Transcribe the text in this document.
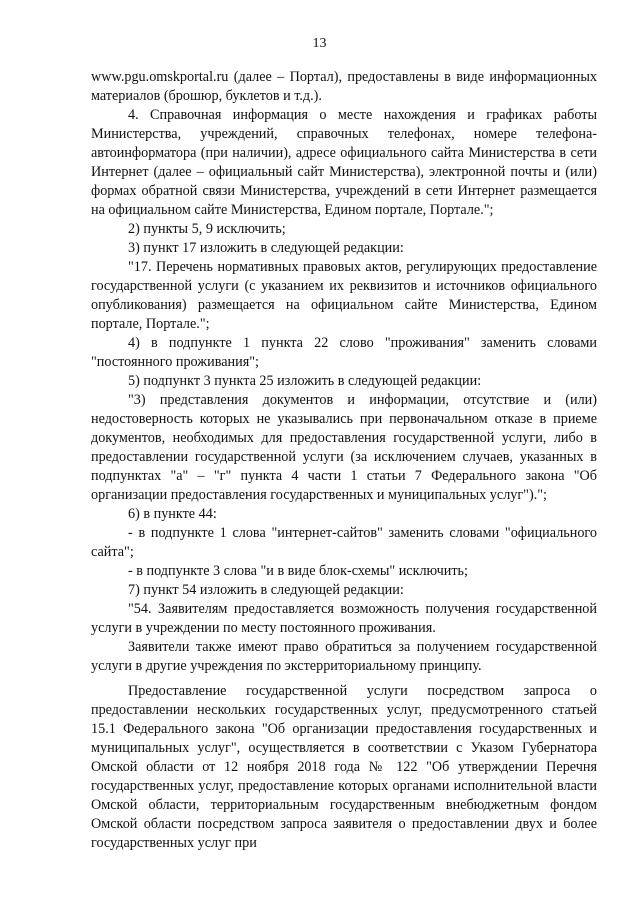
13

www.pgu.omskportal.ru (далее – Портал), предоставлены в виде информационных материалов (брошюр, буклетов и т.д.).

4. Справочная информация о месте нахождения и графиках работы Министерства, учреждений, справочных телефонах, номере телефона-автоинформатора (при наличии), адресе официального сайта Министерства в сети Интернет (далее – официальный сайт Министерства), электронной почты и (или) формах обратной связи Министерства, учреждений в сети Интернет размещается на официальном сайте Министерства, Едином портале, Портале.";

2) пункты 5, 9 исключить;

3) пункт 17 изложить в следующей редакции:

"17. Перечень нормативных правовых актов, регулирующих предоставление государственной услуги (с указанием их реквизитов и источников официального опубликования) размещается на официальном сайте Министерства, Едином портале, Портале.";

4) в подпункте 1 пункта 22 слово "проживания" заменить словами "постоянного проживания";

5) подпункт 3 пункта 25 изложить в следующей редакции:

"3) представления документов и информации, отсутствие и (или) недостоверность которых не указывались при первоначальном отказе в приеме документов, необходимых для предоставления государственной услуги, либо в предоставлении государственной услуги (за исключением случаев, указанных в подпунктах "а" – "г" пункта 4 части 1 статьи 7 Федерального закона "Об организации предоставления государственных и муниципальных услуг").";

6) в пункте 44:

- в подпункте 1 слова "интернет-сайтов" заменить словами "официального сайта";

- в подпункте 3 слова "и в виде блок-схемы" исключить;

7) пункт 54 изложить в следующей редакции:

"54. Заявителям предоставляется возможность получения государственной услуги в учреждении по месту постоянного проживания.

Заявители также имеют право обратиться за получением государственной услуги в другие учреждения по экстерриториальному принципу.

Предоставление государственной услуги посредством запроса о предоставлении нескольких государственных услуг, предусмотренного статьей 15.1 Федерального закона "Об организации предоставления государственных и муниципальных услуг", осуществляется в соответствии с Указом Губернатора Омской области от 12 ноября 2018 года № 122 "Об утверждении Перечня государственных услуг, предоставление которых органами исполнительной власти Омской области, территориальным государственным внебюджетным фондом Омской области посредством запроса заявителя о предоставлении двух и более государственных услуг при
